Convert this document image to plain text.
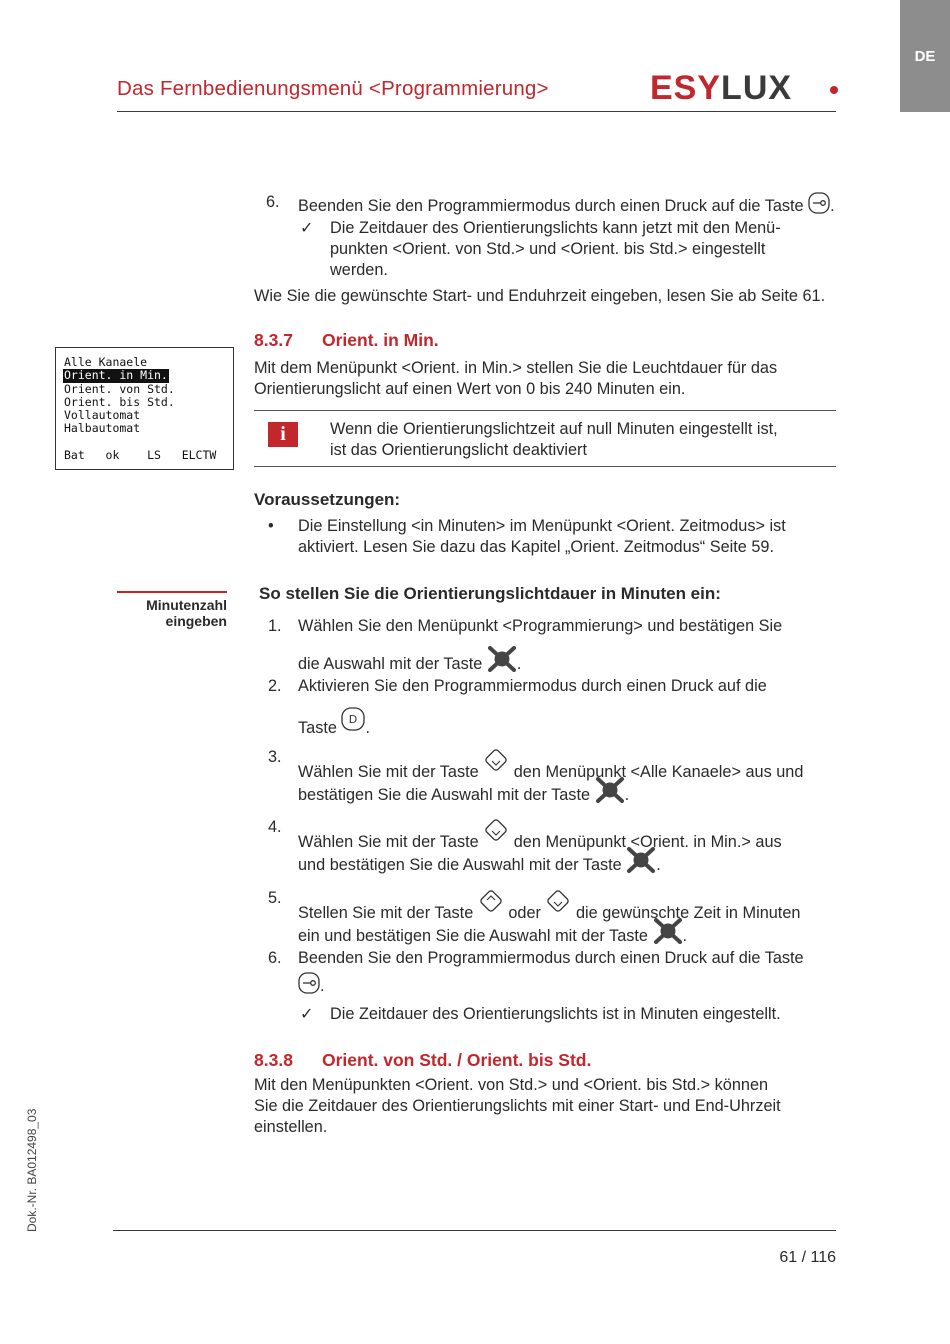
DE
Das Fernbedienungsmenü <Programmierung>	ESYLUX
6. Beenden Sie den Programmiermodus durch einen Druck auf die Taste .
✓ Die Zeitdauer des Orientierungslichts kann jetzt mit den Menü-
punkten <Orient. von Std.> und <Orient. bis Std.> eingestellt
werden.
Wie Sie die gewünschte Start- und Enduhrzeit eingeben, lesen Sie ab Seite 61.
8.3.7 Orient. in Min.
Mit dem Menüpunkt <Orient. in Min.> stellen Sie die Leuchtdauer für das
Orientierungslicht auf einen Wert von 0 bis 240 Minuten ein.
Alle Kanaele
Orient. in Min.
Orient. von Std.
Orient. bis Std.
Vollautomat
Halbautomat
Bat   ok    LS   ELCTW
i	Wenn die Orientierungslichtzeit auf null Minuten eingestellt ist,
ist das Orientierungslicht deaktiviert
Voraussetzungen:
• Die Einstellung <in Minuten> im Menüpunkt <Orient. Zeitmodus> ist
aktiviert. Lesen Sie dazu das Kapitel „Orient. Zeitmodus“ Seite 59.
Minutenzahl
eingeben
So stellen Sie die Orientierungslichtdauer in Minuten ein:
1. Wählen Sie den Menüpunkt <Programmierung> und bestätigen Sie
die Auswahl mit der Taste .
2. Aktivieren Sie den Programmiermodus durch einen Druck auf die
Taste D .
3.
Wählen Sie mit der Taste den Menüpunkt <Alle Kanaele> aus und
bestätigen Sie die Auswahl mit der Taste .
4.
Wählen Sie mit der Taste den Menüpunkt <Orient. in Min.> aus
und bestätigen Sie die Auswahl mit der Taste .
5.
Stellen Sie mit der Taste oder die gewünschte Zeit in Minuten
ein und bestätigen Sie die Auswahl mit der Taste .
6. Beenden Sie den Programmiermodus durch einen Druck auf die Taste
.
✓ Die Zeitdauer des Orientierungslichts ist in Minuten eingestellt.
8.3.8 Orient. von Std. / Orient. bis Std.
Mit den Menüpunkten <Orient. von Std.> und <Orient. bis Std.> können
Sie die Zeitdauer des Orientierungslichts mit einer Start- und End-Uhrzeit
einstellen.
Dok.-Nr. BA012498_03
61 / 116
